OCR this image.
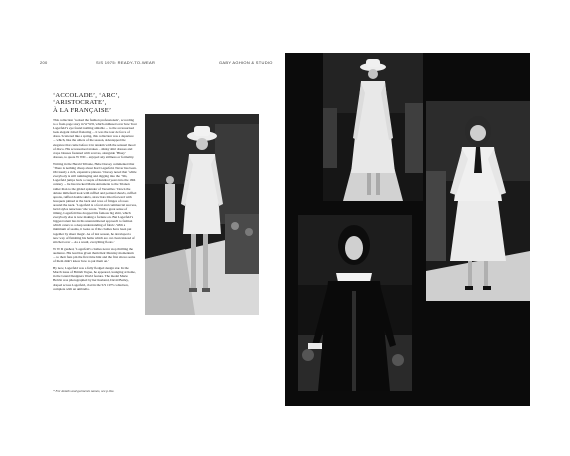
200	S/S 1975: READY-TO-WEAR	GABY AGHION & STUDIO
‘ACCOLADE’, ‘ARC’,
‘ARISTOCRATE’,
À LA FRANÇAISE’

This collection ‘rocked the fashion professionals’, according to a front-page story in W WD, which enthused over how Tout Lagerfeld’s eye found nothing amiable ... to the accessorised look elegant Jolted flattering ... it was the tour de force of dress. Scattered like a spring, this collection was a departure ... which, like the others of the season, sidestepped the elegance that came before it in tandem with the sensual mood of disco. His accessorised strokes – slinky shirt dresses and crepe blouses fastened with scarves, alongside ‘Bluey’ dresses, to quote W WD – enjoyed any stillness or formality.

Writing in the Herald Tribune, Hebe Dorsey commented that ‘There is nothing cheap about Karl Lagerfeld. Never has been. Obviously a rich, expensive plateau.’ Dorsey noted that ‘while everybody is still rummaging and digging into the ’30s, Lagerfeld jumps back a couple of hundred years into the 18th century ... he has trucked Marie Antoinette to the Trianon rather than to the gilded splendor of Versailles.’ Down the deluxe millefeuil look with ruffled and pointed shawls, ruffled aprons, ruffled double skirts, straw hats tilted forward with bouquets pinned at the back and rows of fringes of roses around the neck. ‘Lagerfeld is a fecal and commercial success, lucid styles tenacious’ she wrote. ‘With a great sense of timing, Lagerfeld has dropped his famous big shirt, which everybody else is now making a fortune on. But Lagerfeld’s biggest talent lies in his unencumbered approach to fashion which caters to a deep understanding of fabric. With a minimum of seams, it looks as if the clothes have been put together by sheer magic. As of last season, he developed a new way of finishing his hems which are cut clean instead of stitched over ... As a result, everything floats.’

W W D gushed, ‘Lagerfeld’s clothes never stop thrilling the audience. His lead has given them their Monday momentum ... to their fans pin the first time hint and the first shows some of them didn’t know how to put them on.’

By now, Lagerfeld was a fully fledged design star. In the March issue of British Vogue, he appeared, lounging at home, in the Grand Designers World feature. The model Marie Helvin was photographed by her husband, David Bailey, draped across Lagerfeld, clad in the S/S 1975 collection, complete with an umbrella.

* For details and garments names, see p.0xx.
